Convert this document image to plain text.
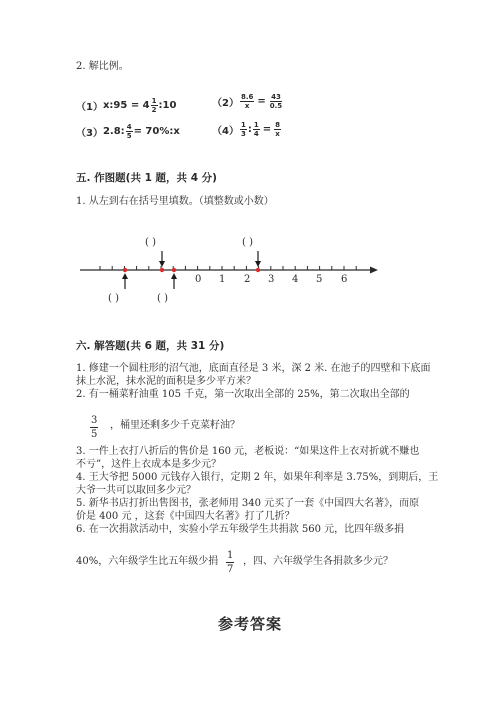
2. 解比例。
（1） x:95 = $4 \frac{1}{2}$ :10	$(2) \frac{8.6}{x} = \frac{43}{0.5}$
（3） 2.8: $\frac{4}{5}$ = 70%:x	$(4) \frac{1}{3}$ : $\frac{1}{4} = \frac{8}{x}$
五. 作图题(共 1 题，共 4 分)
1. 从左到右在括号里填数。（填整数或小数）
0 1 2 3 4 5 6
( )	( )
( )	( )
六. 解答题(共 6 题，共 31 分)
1. 修建一个圆柱形的沼气池，底面直径是 3 米，深 2 米. 在池子的四壁和下底面
抹上水泥，抹水泥的面积是多少平方米？
2. 有一桶菜籽油重 105 千克，第一次取出全部的 25%，第二次取出全部的
$\frac{3}{5}$ ，桶里还剩多少千克菜籽油？
3. 一件上衣打八折后的售价是 160 元，老板说：“如果这件上衣对折就不赚也
不亏”，这件上衣成本是多少元？
4. 王大爷把 5000 元钱存入银行，定期 2 年，如果年利率是 3.75%，到期后，王
大爷一共可以取回多少元？
5. 新华书店打折出售图书，张老师用 340 元买了一套《中国四大名著》，而原
价是 400 元 ，这套《中国四大名著》打了几折？
6. 在一次捐款活动中，实验小学五年级学生共捐款 560 元，比四年级多捐
40%，六年级学生比五年级少捐 $\frac{1}{7}$ ，四、六年级学生各捐款多少元？
参考答案
